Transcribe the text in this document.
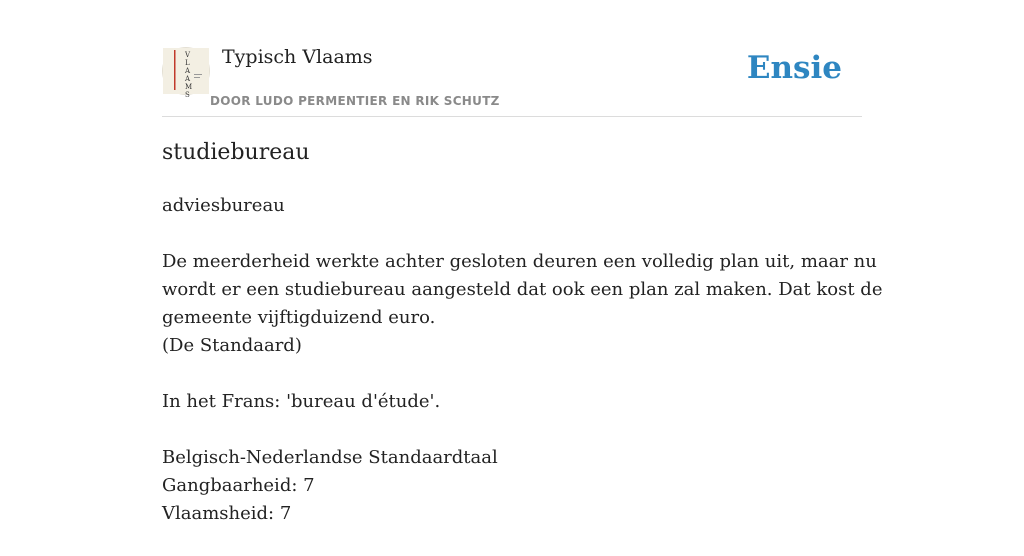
V
L
A
A
M
S
Typisch Vlaams
DOOR LUDO PERMENTIER EN RIK SCHUTZ
Ensie
studiebureau
adviesbureau
De meerderheid werkte achter gesloten deuren een volledig plan uit, maar nu
wordt er een studiebureau aangesteld dat ook een plan zal maken. Dat kost de
gemeente vijftigduizend euro.
(De Standaard)
In het Frans: 'bureau d'étude'.
Belgisch-Nederlandse Standaardtaal
Gangbaarheid: 7
Vlaamsheid: 7
